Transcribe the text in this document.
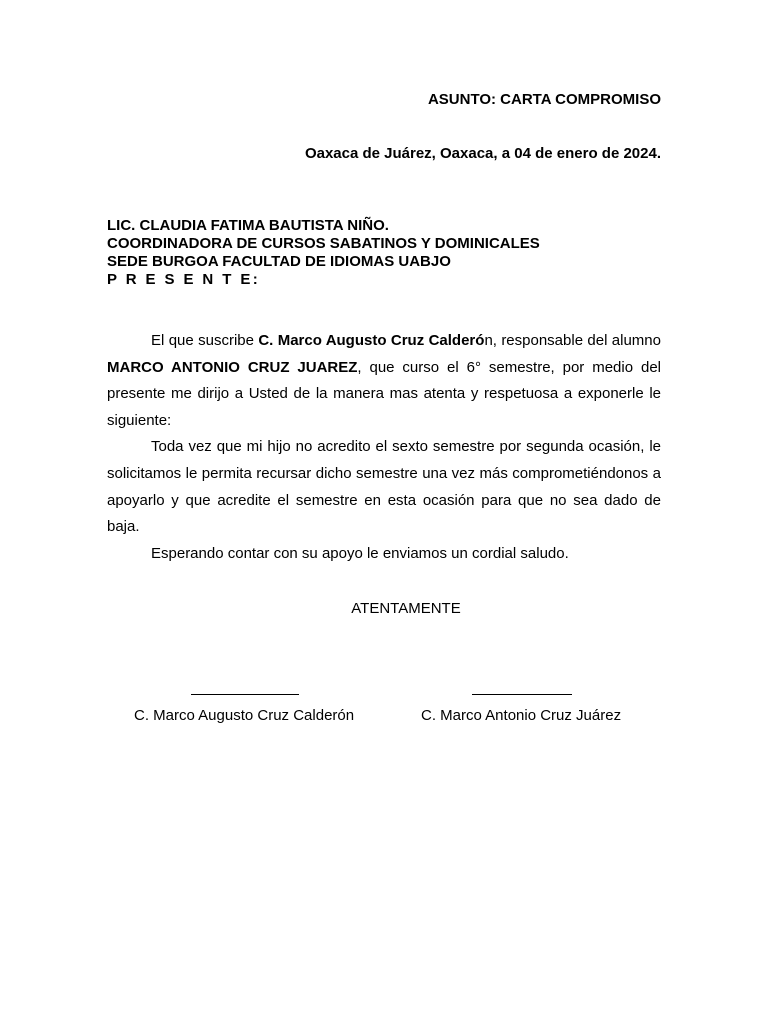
ASUNTO: CARTA COMPROMISO
Oaxaca de Juárez, Oaxaca, a 04 de enero de 2024.
LIC. CLAUDIA FATIMA BAUTISTA NIÑO.
COORDINADORA DE CURSOS SABATINOS Y DOMINICALES
SEDE BURGOA FACULTAD DE IDIOMAS UABJO
P R E S E N T E:

El que suscribe C. Marco Augusto Cruz Calderón, responsable del alumno MARCO ANTONIO CRUZ JUAREZ, que curso el 6° semestre, por medio del presente me dirijo a Usted de la manera mas atenta y respetuosa a exponerle le siguiente:

Toda vez que mi hijo no acredito el sexto semestre por segunda ocasión, le solicitamos le permita recursar dicho semestre una vez más comprometiéndonos a apoyarlo y que acredite el semestre en esta ocasión para que no sea dado de baja.

Esperando contar con su apoyo le enviamos un cordial saludo.

ATENTAMENTE
C. Marco Augusto Cruz Calderón	C. Marco Antonio Cruz Juárez
